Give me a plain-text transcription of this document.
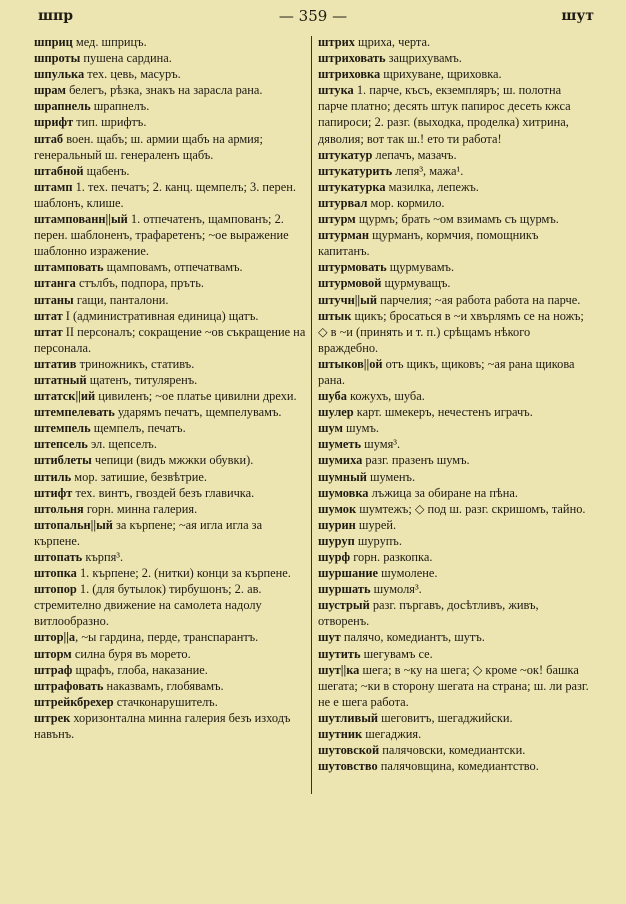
шпр	— 359 —	шут

шприц мед. шприцъ.

шпроты пушена сардина.

шпулька тех. цевь, масуръ.

шрам белегъ, рѣзка, знакъ на зарасла рана.

шрапнель шрапнелъ.

шрифт тип. шрифтъ.

штаб воен. щабъ; ш. армии щабъ на армия; генеральный ш. генераленъ щабъ.

штабной щабенъ.

штамп 1. тех. печатъ; 2. канц. щемпелъ; 3. перен. шаблонъ, клише.

штампованн||ый 1. отпечатенъ, щампованъ; 2. перен. шаблоненъ, трафаретенъ; ~ое выражение шаблонно изражение.

штамповать щамповамъ, отпечатвамъ.

штанга стълбъ, подпора, пръть.

штаны гащи, панталони.

штат I (административная единица) щатъ.

штат II персоналъ; сокращение ~ов съкращение на персонала.

штатив триножникъ, стативъ.

штатный щатенъ, титуляренъ.

штатск||ий цивиленъ; ~ое платье цивилни дрехи.

штемпелевать ударямъ печатъ, щемпелувамъ.

штемпель щемпелъ, печатъ.

штепсель эл. щепселъ.

штиблеты чепици (видъ мжжки обувки).

штиль мор. затишие, безвѣтрие.

штифт тех. винтъ, гвоздей безъ главичка.

штольня горн. минна галерия.

штопальн||ый за кърпене; ~ая игла игла за кърпене.

штопать кърпя³.

штопка 1. кърпене; 2. (нитки) конци за кърпене.

штопор 1. (для бутылок) тирбушонъ; 2. ав. стремително движение на самолета надолу витлообразно.

штор||а, ~ы гардина, перде, транспарантъ.

шторм силна буря въ морето.

штраф щрафъ, глоба, наказание.

штрафовать наказвамъ, глобявамъ.

штрейкбрехер стачконарушителъ.

штрек хоризонтална минна галерия безъ изходъ навънъ.

штрих щриха, черта.

штриховать защрихувамъ.

штриховка щрихуване, щриховка.

штука 1. парче, късъ, екземпляръ; ш. полотна парче платно; десять штук папирос десеть кжса папироси; 2. разг. (выходка, проделка) хитрина, дяволия; вот так ш.! ето ти работа!

штукатур лепачъ, мазачъ.

штукатурить лепя³, мажа¹.

штукатурка мазилка, лепежъ.

штурвал мор. кормило.

штурм щурмъ; брать ~ом взимамъ съ щурмъ.

штурман щурманъ, кормчия, помощникъ капитанъ.

штурмовать щурмувамъ.

штурмовой щурмуващъ.

штучн||ый парчелия; ~ая работа работа на парче.

штык щикъ; бросаться в ~и хвърлямъ се на ножъ; ◇ в ~и (принять и т. п.) срѣщамъ нѣкого враждебно.

штыков||ой отъ щикъ, щиковъ; ~ая рана щикова рана.

шуба кожухъ, шуба.

шулер карт. шмекеръ, нечестенъ играчъ.

шум шумъ.

шуметь шумя³.

шумиха разг. празенъ шумъ.

шумный шуменъ.

шумовка лъжица за обиране на пѣна.

шумок шумтежъ; ◇ под ш. разг. скришомъ, тайно.

шурин шурей.

шуруп шурупъ.

шурф горн. разкопка.

шуршание шумолене.

шуршать шумоля³.

шустрый разг. пъргавъ, досѣтливъ, живъ, отворенъ.

шут палячо, комедиантъ, шутъ.

шутить шегувамъ се.

шут||ка шега; в ~ку на шега; ◇ кроме ~ок! башка шегата; ~ки в сторону шегата на страна; ш. ли разг. не е шега работа.

шутливый шеговитъ, шегаджийски.

шутник шегаджия.

шутовской палячовски, комедиантски.

шутовство палячовщина, комедиантство.
